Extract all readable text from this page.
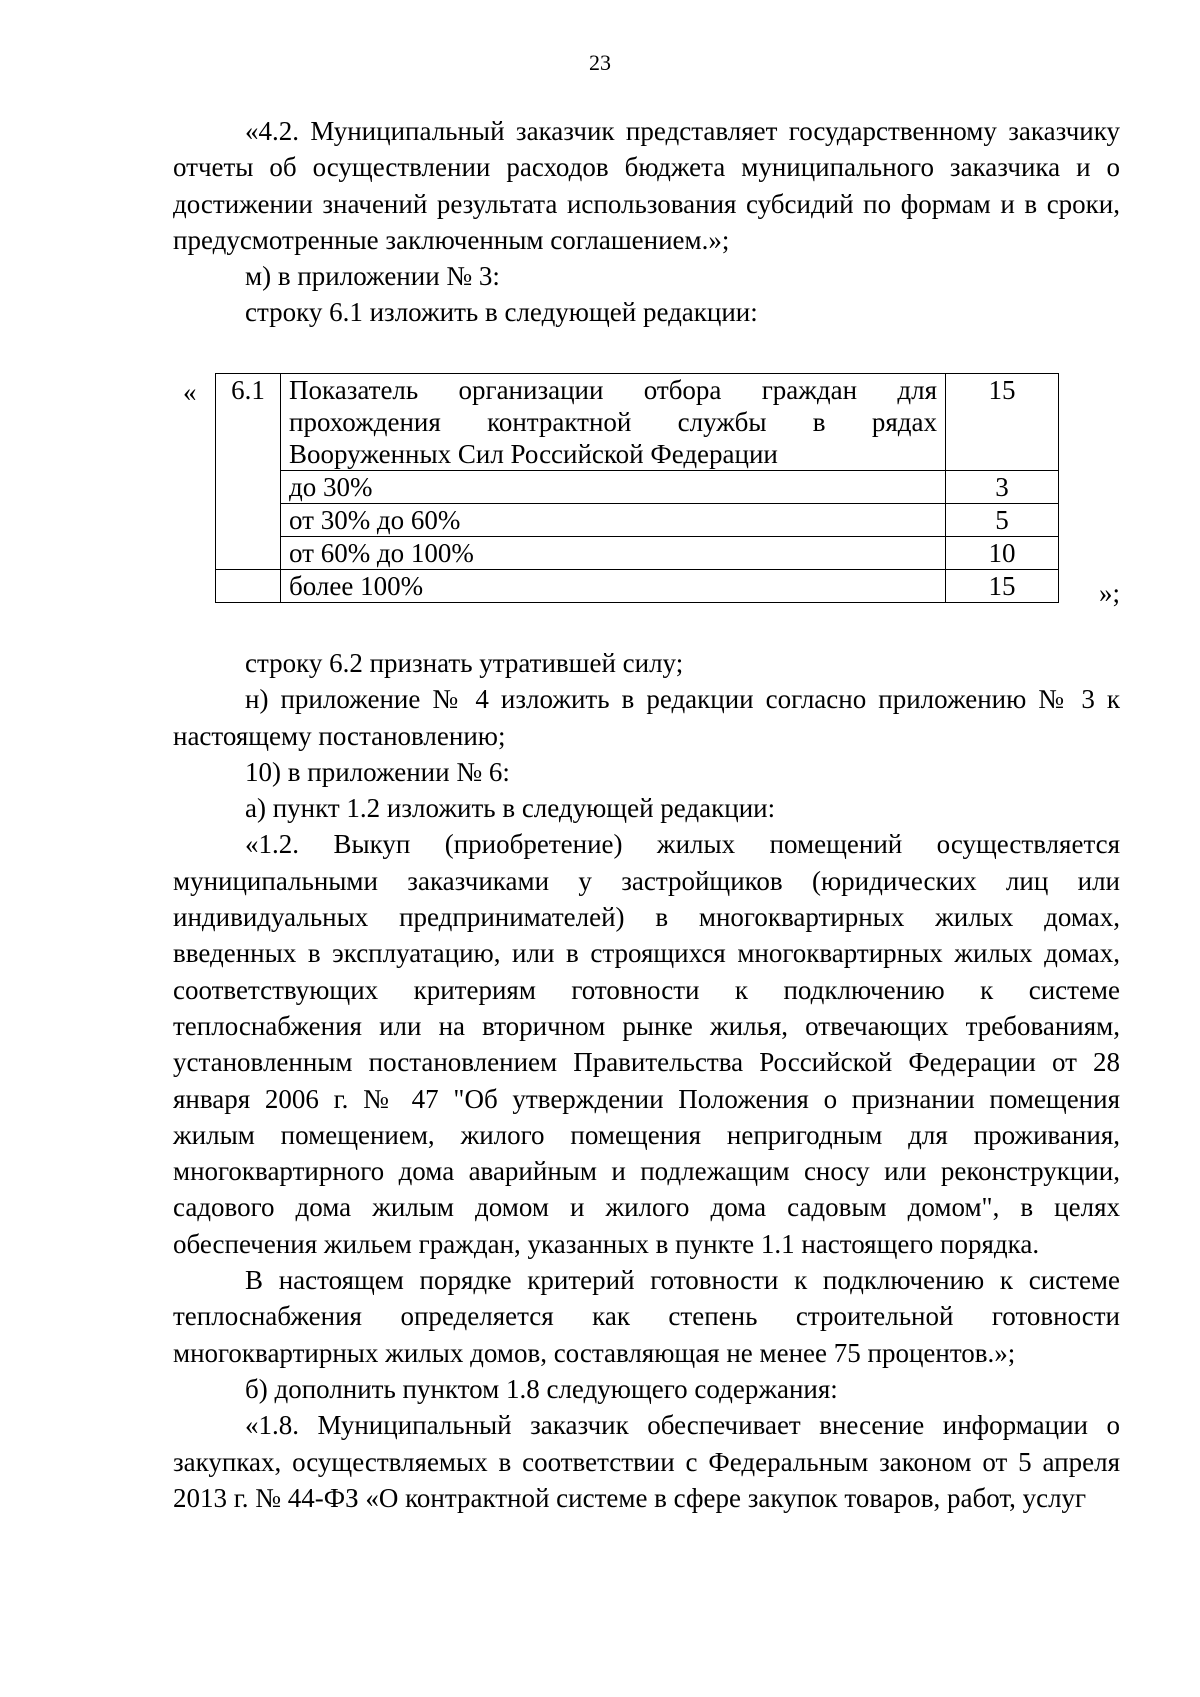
23

«4.2. Муниципальный заказчик представляет государственному заказчику отчеты об осуществлении расходов бюджета муниципального заказчика и о достижении значений результата использования субсидий по формам и в сроки, предусмотренные заключенным соглашением.»;

м) в приложении № 3:

строку 6.1 изложить в следующей редакции:

« 6.1	Показатель организации отбора граждан для прохождения контрактной службы в рядах Вооруженных Сил Российской Федерации	15
	до 30%	3
	от 30% до 60%	5
	от 60% до 100%	10
	более 100%	15	»;

строку 6.2 признать утратившей силу;

н) приложение № 4 изложить в редакции согласно приложению № 3 к настоящему постановлению;

10) в приложении № 6:

а) пункт 1.2 изложить в следующей редакции:

«1.2. Выкуп (приобретение) жилых помещений осуществляется муниципальными заказчиками у застройщиков (юридических лиц или индивидуальных предпринимателей) в многоквартирных жилых домах, введенных в эксплуатацию, или в строящихся многоквартирных жилых домах, соответствующих критериям готовности к подключению к системе теплоснабжения или на вторичном рынке жилья, отвечающих требованиям, установленным постановлением Правительства Российской Федерации от 28 января 2006 г. № 47 "Об утверждении Положения о признании помещения жилым помещением, жилого помещения непригодным для проживания, многоквартирного дома аварийным и подлежащим сносу или реконструкции, садового дома жилым домом и жилого дома садовым домом", в целях обеспечения жильем граждан, указанных в пункте 1.1 настоящего порядка.

В настоящем порядке критерий готовности к подключению к системе теплоснабжения определяется как степень строительной готовности многоквартирных жилых домов, составляющая не менее 75 процентов.»;

б) дополнить пунктом 1.8 следующего содержания:

«1.8. Муниципальный заказчик обеспечивает внесение информации о закупках, осуществляемых в соответствии с Федеральным законом от 5 апреля 2013 г. № 44-ФЗ «О контрактной системе в сфере закупок товаров, работ, услуг
